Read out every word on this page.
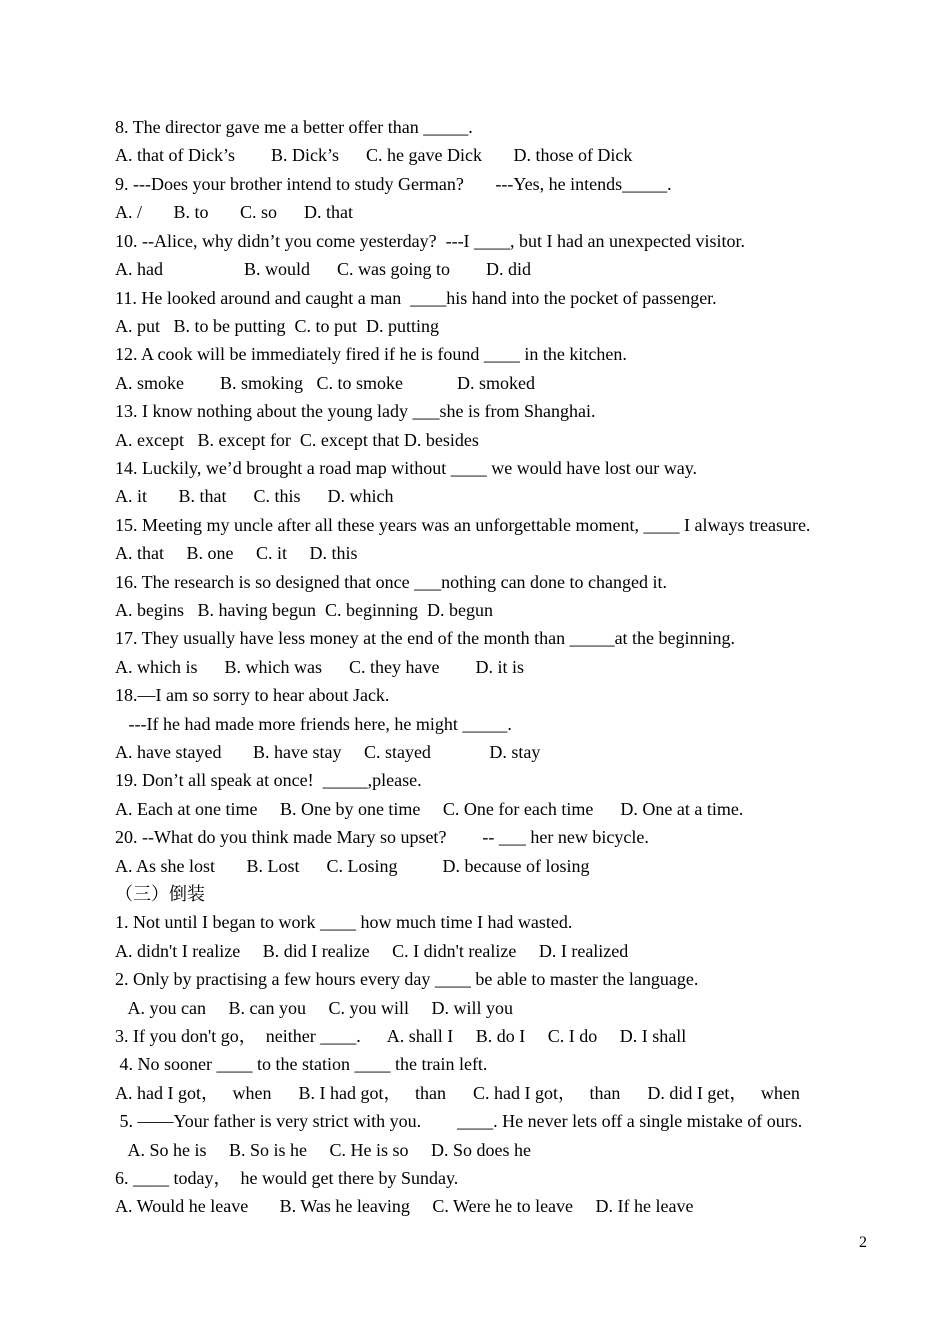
8. The director gave me a better offer than _____.
A. that of Dick’s        B. Dick’s      C. he gave Dick       D. those of Dick
9. ---Does your brother intend to study German?       ---Yes, he intends_____.
A. /       B. to       C. so      D. that
10. --Alice, why didn’t you come yesterday?  ---I ____, but I had an unexpected visitor.
A. had                  B. would      C. was going to        D. did
11. He looked around and caught a man  ____his hand into the pocket of passenger.
A. put   B. to be putting  C. to put  D. putting
12. A cook will be immediately fired if he is found ____ in the kitchen.
A. smoke        B. smoking   C. to smoke            D. smoked
13. I know nothing about the young lady ___she is from Shanghai.
A. except   B. except for  C. except that D. besides
14. Luckily, we’d brought a road map without ____ we would have lost our way.
A. it       B. that      C. this      D. which
15. Meeting my uncle after all these years was an unforgettable moment, ____ I always treasure.
A. that     B. one     C. it     D. this
16. The research is so designed that once ___nothing can done to changed it.
A. begins   B. having begun  C. beginning  D. begun
17. They usually have less money at the end of the month than _____at the beginning.
A. which is      B. which was      C. they have        D. it is
18.—I am so sorry to hear about Jack.
---If he had made more friends here, he might _____.
A. have stayed       B. have stay     C. stayed             D. stay
19. Don’t all speak at once!  _____,please.
A. Each at one time     B. One by one time     C. One for each time      D. One at a time.
20. --What do you think made Mary so upset?        -- ___ her new bicycle.
A. As she lost       B. Lost      C. Losing          D. because of losing
（三）倒装
1. Not until I began to work ____ how much time I had wasted.
A. didn't I realize     B. did I realize     C. I didn't realize     D. I realized
2. Only by practising a few hours every day ____ be able to master the language.
A. you can     B. can you     C. you will     D. will you
3. If you don't go，  neither ____.      A. shall I     B. do I     C. I do     D. I shall
4. No sooner ____ to the station ____ the train left.
A. had I got，   when      B. I had got，   than      C. had I got，   than      D. did I get，   when
5. ——Your father is very strict with you.        ____. He never lets off a single mistake of ours.
A. So he is     B. So is he     C. He is so     D. So does he
6. ____ today，  he would get there by Sunday.
A. Would he leave       B. Was he leaving     C. Were he to leave     D. If he leave
2
